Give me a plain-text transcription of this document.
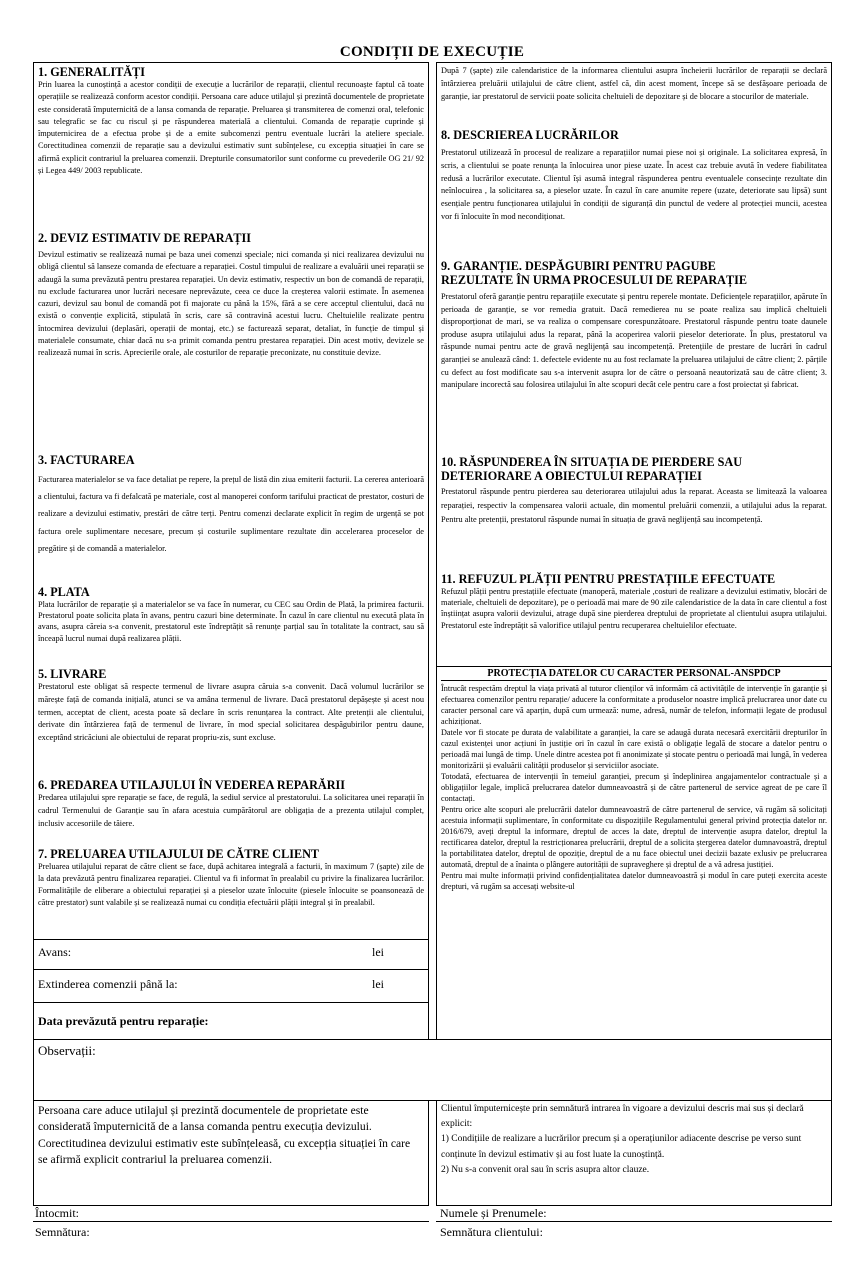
CONDIȚII DE EXECUȚIE

1. GENERALITĂȚI

Prin luarea la cunoștință a acestor condiții de execuție a lucrărilor de reparații, clientul recunoaște faptul că toate operațiile se realizează conform acestor condiții. Persoana care aduce utilajul și prezintă documentele de proprietate este considerată împuternicită de a lansa comanda de reparație. Preluarea și transmiterea de comenzi oral, telefonic sau telegrafic se fac cu riscul și pe răspunderea materială a clientului. Comanda de reparație cuprinde și împuternicirea de a efectua probe și de a emite subcomenzi pentru eventuale lucrări la ateliere speciale. Corectitudinea comenzii de reparație sau a devizului estimativ sunt subînțelese, cu excepția situației în care se afirmă explicit contrariul la preluarea comenzii. Drepturile consumatorilor sunt conforme cu prevederile OG 21/ 92 și Legea 449/ 2003 republicate.

2. DEVIZ ESTIMATIV DE REPARAȚII

Devizul estimativ se realizează numai pe baza unei comenzi speciale; nici comanda și nici realizarea devizului nu obligă clientul să lanseze comanda de efectuare a reparației. Costul timpului de realizare a evaluării unei reparații se adaugă la suma prevăzută pentru prestarea reparației. Un deviz estimativ, respectiv un bon de comandă de reparații, nu exclude facturarea unor lucrări necesare neprevăzute, ceea ce duce la creșterea valorii estimate. În asemenea cazuri, devizul sau bonul de comandă pot fi majorate cu până la 15%, fără a se cere acceptul clientului, dacă nu există o convenție explicită, stipulată în scris, care să contravină acestui lucru. Cheltuielile realizate pentru întocmirea devizului (deplasări, operații de montaj, etc.) se facturează separat, detaliat, în funcție de timpul și materialele consumate, chiar dacă nu s-a primit comanda pentru prestarea reparației. Din acest motiv, devizele se realizează numai în scris. Aprecierile orale, ale costurilor de reparație preconizate, nu constituie devize.

3. FACTURAREA

Facturarea materialelor se va face detaliat pe repere, la prețul de listă din ziua emiterii facturii. La cererea anterioară a clientului, factura va fi defalcată pe materiale, cost al manoperei conform tarifului practicat de prestator, costuri de realizare a devizului estimativ, prestări de către terți. Pentru comenzi declarate explicit în regim de urgență se pot factura orele suplimentare necesare, precum și costurile suplimentare rezultate din accelerarea proceselor de pregătire și de comandă a materialelor.

4. PLATA

Plata lucrărilor de reparație și a materialelor se va face în numerar, cu CEC sau Ordin de Plată, la primirea facturii. Prestatorul poate solicita plata în avans, pentru cazuri bine determinate. În cazul în care clientul nu execută plata în avans, asupra căreia s-a convenit, prestatorul este îndreptățit să renunțe parțial sau în totalitate la contract, sau să înceapă lucrul numai după realizarea plății.

5. LIVRARE

Prestatorul este obligat să respecte termenul de livrare asupra căruia s-a convenit. Dacă volumul lucrărilor se mărește față de comanda inițială, atunci se va amâna termenul de livrare. Dacă prestatorul depășește și acest nou termen, acceptat de client, acesta poate să declare în scris renunțarea la contract. Alte pretenții ale clientului, derivate din întârzierea față de termenul de livrare, în mod special solicitarea despăgubirilor pentru daune, exceptând stricăciuni ale obiectului de reparat propriu-zis, sunt excluse.

6. PREDAREA UTILAJULUI ÎN VEDEREA REPARĂRII

Predarea utilajului spre reparație se face, de regulă, la sediul service al prestatorului. La solicitarea unei reparații în cadrul Termenului de Garanție sau în afara acestuia cumpărătorul are obligația de a prezenta utilajul complet, inclusiv accesoriile de tăiere.

7. PRELUAREA UTILAJULUI DE CĂTRE CLIENT

Preluarea utilajului reparat de către client se face, după achitarea integrală a facturii, în maximum 7 (șapte) zile de la data prevăzută pentru finalizarea reparației. Clientul va fi informat în prealabil cu privire la finalizarea lucrărilor. Formalitățile de eliberare a obiectului reparației și a pieselor uzate înlocuite (piesele înlocuite se poansonează de către prestator) sunt valabile și se realizează numai cu condiția efectuării plății integral și în prealabil.

Avans:	lei
Extinderea comenzii până la:	lei
Data prevăzută pentru reparație:

După 7 (șapte) zile calendaristice de la informarea clientului asupra încheierii lucrărilor de reparații se declară întârzierea preluării utilajului de către client, astfel că, din acest moment, începe să se desfășoare perioada de garanție, iar prestatorul de servicii poate solicita cheltuieli de depozitare și de blocare a stocurilor de materiale.

8. DESCRIEREA LUCRĂRILOR

Prestatorul utilizează în procesul de realizare a reparațiilor numai piese noi și originale. La solicitarea expresă, în scris, a clientului se poate renunța la înlocuirea unor piese uzate. În acest caz trebuie avută în vedere fiabilitatea redusă a lucrărilor executate. Clientul își asumă integral răspunderea pentru eventualele consecințe rezultate din neînlocuirea , la solicitarea sa, a pieselor uzate. În cazul în care anumite repere (uzate, deteriorate sau lipsă) sunt esențiale pentru funcționarea utilajului în condiții de siguranță din punctul de vedere al protecției muncii, acestea vor fi înlocuite în mod necondiționat.

9. GARANȚIE. DESPĂGUBIRI PENTRU PAGUBE

REZULTATE ÎN URMA PROCESULUI DE REPARAȚIE

Prestatorul oferă garanție pentru reparațiile executate și pentru reperele montate. Deficiențele reparațiilor, apărute în perioada de garanție, se vor remedia gratuit. Dacă remedierea nu se poate realiza sau implică cheltuieli disproporționat de mari, se va realiza o compensare corespunzătoare. Prestatorul răspunde pentru toate daunele produse asupra utilajului adus la reparat, până la acoperirea valorii pieselor deteriorate. În plus, prestatorul va răspunde numai pentru acte de gravă neglijență sau incompetență. Pretențiile de prestare de lucrări în cadrul garanției se anulează când: 1. defectele evidente nu au fost reclamate la preluarea utilajului de către client; 2. părțile cu defect au fost modificate sau s-a intervenit asupra lor de către o persoană neautorizată sau de către client; 3. manipulare incorectă sau folosirea utilajului în alte scopuri decât cele pentru care a fost proiectat și fabricat.

10. RĂSPUNDEREA ÎN SITUAȚIA DE PIERDERE SAU

DETERIORARE A OBIECTULUI REPARAȚIEI

Prestatorul răspunde pentru pierderea sau deteriorarea utilajului adus la reparat. Aceasta se limitează la valoarea reparației, respectiv la compensarea valorii actuale, din momentul preluării comenzii, a utilajului adus la reparat. Pentru alte pretenții, prestatorul răspunde numai în situația de gravă neglijență sau incompetență.

11. REFUZUL PLĂȚII PENTRU PRESTAȚIILE EFECTUATE

Refuzul plății pentru prestațiile efectuate (manoperă, materiale ,costuri de realizare a devizului estimativ, blocări de materiale, cheltuieli de depozitare), pe o perioadă mai mare de 90 zile calendaristice de la data în care clientul a fost înștiințat asupra valorii devizului, atrage după sine pierderea dreptului de proprietate al clientului asupra utilajului. Prestatorul este îndreptățit să valorifice utilajul pentru recuperarea cheltuielilor efectuate.

PROTECȚIA DATELOR CU CARACTER PERSONAL-ANSPDCP

Întrucât respectăm dreptul la viața privată al tuturor clienților vă informăm că activitățile de intervenție în garanție și efectuarea comenzilor pentru reparație/ aducere la conformitate a produselor noastre implică prelucrarea unor date cu caracter personal care vă aparțin, după cum urmează: nume, adresă, număr de telefon, informații legate de produsul achiziționat.

Datele vor fi stocate pe durata de valabilitate a garanției, la care se adaugă durata necesară exercitării drepturilor în cazul existenței unor acțiuni în justiție ori în cazul în care există o obligație legală de stocare a datelor pentru o perioadă mai lungă de timp. Unele dintre acestea pot fi anonimizate și stocate pentru o perioadă mai lungă, în vederea monitorizării și evaluării calității produselor și serviciilor asociate.

Totodată, efectuarea de intervenții în temeiul garanției, precum și îndeplinirea angajamentelor contractuale și a obligațiilor legale, implică prelucrarea datelor dumneavoastră și de către partenerul de service agreat de pe care îl contactați.

Pentru orice alte scopuri ale prelucrării datelor dumneavoastră de către partenerul de service, vă rugăm să solicitați acestuia informații suplimentare, în conformitate cu dispozițiile Regulamentului general privind protecția datelor nr. 2016/679, aveți dreptul la informare, dreptul de acces la date, dreptul de intervenție asupra datelor, dreptul la rectificarea datelor, dreptul la restricționarea prelucrării, dreptul de a solicita ștergerea datelor dumnavoastră, dreptul la portabilitatea datelor, dreptul de opoziție, dreptul de a nu face obiectul unei decizii bazate exlusiv pe prelucrarea automată, dreptul de a înainta o plângere autorității de supraveghere și dreptul de a vă adresa justiției.

Pentru mai multe informații privind confidențialitatea datelor dumneavoastră și modul în care puteți exercita aceste drepturi, vă rugăm sa accesați website-ul

Observații:

Persoana care aduce utilajul și prezintă documentele de proprietate este considerată împuternicită de a lansa comanda pentru execuția devizului. Corectitudinea devizului estimativ este subînțeleasă, cu excepția situației în care se afirmă explicit contrariul la preluarea comenzii.

Clientul împuternicește prin semnătură intrarea în vigoare a devizului descris mai sus și declară explicit:

1) Condițiile de realizare a lucrărilor precum și a operațiunilor adiacente descrise pe verso sunt conținute în devizul estimativ și au fost luate la cunoștință.

2) Nu s-a convenit oral sau în scris asupra altor clauze.

Întocmit:
Semnătura:
Numele și Prenumele:
Semnătura clientului:
